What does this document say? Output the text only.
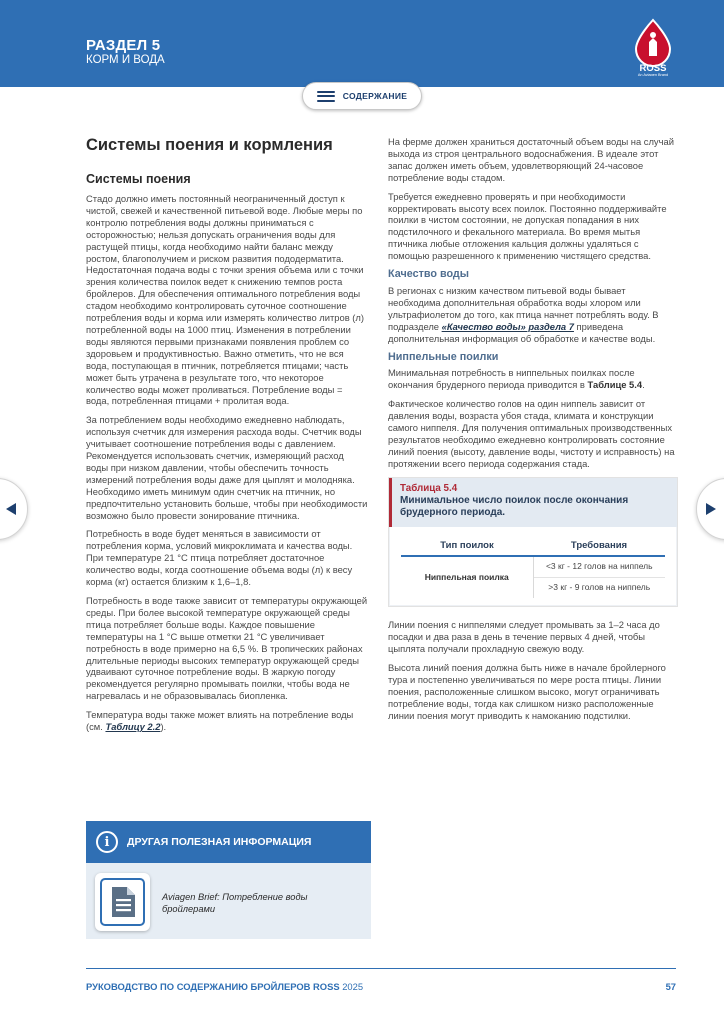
РАЗДЕЛ 5
КОРМ И ВОДА
ROSS
An Aviagen Brand
СОДЕРЖАНИЕ
Системы поения и кормления
Системы поения

Стадо должно иметь постоянный неограниченный доступ к чистой, свежей и качественной питьевой воде. Любые меры по контролю потребления воды должны приниматься с осторожностью; нельзя допускать ограничения воды для растущей птицы, когда необходимо найти баланс между ростом, благополучием и риском развития пододерматита. Недостаточная подача воды с точки зрения объема или с точки зрения количества поилок ведет к снижению темпов роста бройлеров. Для обеспечения оптимального потребления воды стадом необходимо контролировать суточное соотношение потребления воды и корма или измерять количество литров (л) потребленной воды на 1000 птиц. Изменения в потреблении воды являются первыми признаками появления проблем со здоровьем и продуктивностью. Важно отметить, что не вся вода, поступающая в птичник, потребляется птицами; часть может быть утрачена в результате того, что некоторое количество воды может проливаться. Потребление воды = вода, потребленная птицами + пролитая вода.

За потреблением воды необходимо ежедневно наблюдать, используя счетчик для измерения расхода воды. Счетчик воды учитывает соотношение потребления воды с давлением. Рекомендуется использовать счетчик, измеряющий расход воды при низком давлении, чтобы обеспечить точность измерений потребления воды даже для цыплят и молодняка. Необходимо иметь минимум один счетчик на птичник, но предпочтительно установить больше, чтобы при необходимости возможно было провести зонирование птичника.

Потребность в воде будет меняться в зависимости от потребления корма, условий микроклимата и качества воды. При температуре 21 °C птица потребляет достаточное количество воды, когда соотношение объема воды (л) к весу корма (кг) остается близким к 1,6–1,8.

Потребность в воде также зависит от температуры окружающей среды. При более высокой температуре окружающей среды птица потребляет больше воды. Каждое повышение температуры на 1 °C выше отметки 21 °C увеличивает потребность в воде примерно на 6,5 %. В тропических районах длительные периоды высоких температур окружающей среды удваивают суточное потребление воды. В жаркую погоду рекомендуется регулярно промывать поилки, чтобы вода не нагревалась и не образовывалась биопленка.

Температура воды также может влиять на потребление воды (см. Таблицу 2.2).

На ферме должен храниться достаточный объем воды на случай выхода из строя центрального водоснабжения. В идеале этот запас должен иметь объем, удовлетворяющий 24-часовое потребление воды стадом.

Требуется ежедневно проверять и при необходимости корректировать высоту всех поилок. Постоянно поддерживайте поилки в чистом состоянии, не допуская попадания в них подстилочного и фекального материала. Во время мытья птичника любые отложения кальция должны удаляться с помощью разрешенного к применению чистящего средства.

Качество воды

В регионах с низким качеством питьевой воды бывает необходима дополнительная обработка воды хлором или ультрафиолетом до того, как птица начнет потреблять воду. В подразделе «Качество воды» раздела 7 приведена дополнительная информация об обработке и качестве воды.

Ниппельные поилки

Минимальная потребность в ниппельных поилках после окончания брудерного периода приводится в Таблице 5.4.

Фактическое количество голов на один ниппель зависит от давления воды, возраста убоя стада, климата и конструкции самого ниппеля. Для получения оптимальных производственных результатов необходимо ежедневно контролировать состояние линий поения (высоту, давление воды, чистоту и исправность) на протяжении всего периода содержания стада.

Таблица 5.4
Минимальное число поилок после окончания брудерного периода.
Тип поилок	Требования
Ниппельная поилка	<3 кг - 12 голов на ниппель
	>3 кг - 9 голов на ниппель

Линии поения с ниппелями следует промывать за 1–2 часа до посадки и два раза в день в течение первых 4 дней, чтобы цыплята получали прохладную свежую воду.

Высота линий поения должна быть ниже в начале бройлерного тура и постепенно увеличиваться по мере роста птицы. Линии поения, расположенные слишком высоко, могут ограничивать потребление воды, тогда как слишком низко расположенные линии поения могут приводить к намоканию подстилки.

i	ДРУГАЯ ПОЛЕЗНАЯ ИНФОРМАЦИЯ
Aviagen Brief: Потребление воды бройлерами
РУКОВОДСТВО ПО СОДЕРЖАНИЮ БРОЙЛЕРОВ ROSS 2025	57
